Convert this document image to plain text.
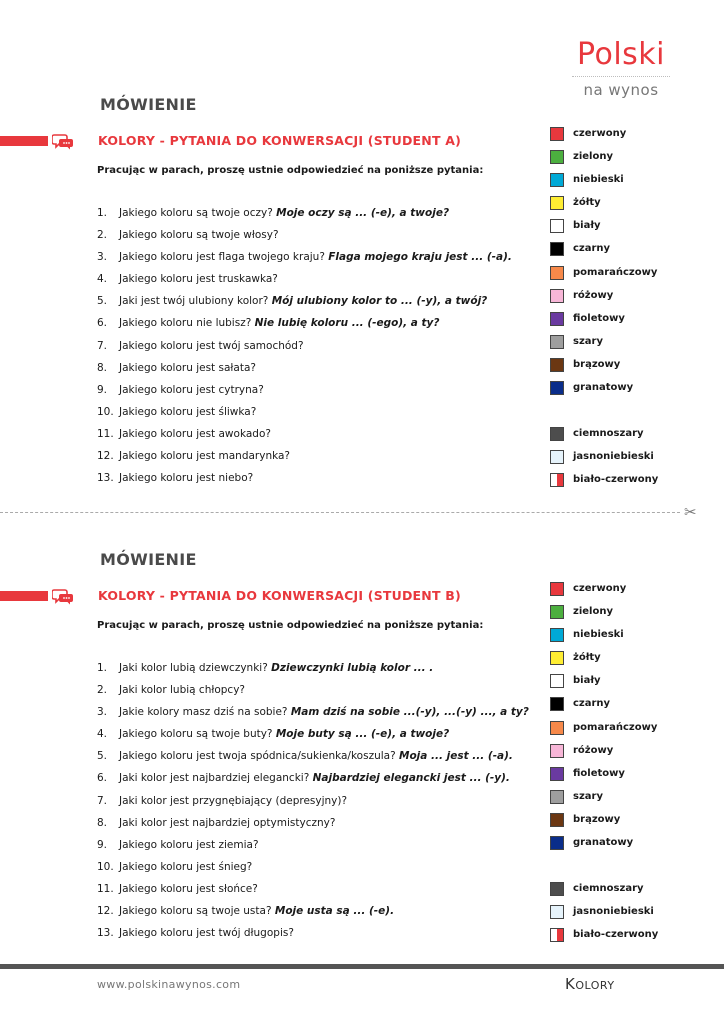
Polski
na wynos
MÓWIENIE
KOLORY - PYTANIA DO KONWERSACJI (STUDENT A)
Pracując w parach, proszę ustnie odpowiedzieć na poniższe pytania:
1.	Jakiego koloru są twoje oczy? Moje oczy są ... (-e), a twoje?
2.	Jakiego koloru są twoje włosy?
3.	Jakiego koloru jest flaga twojego kraju? Flaga mojego kraju jest ... (-a).
4.	Jakiego koloru jest truskawka?
5.	Jaki jest twój ulubiony kolor? Mój ulubiony kolor to ... (-y), a twój?
6.	Jakiego koloru nie lubisz? Nie lubię koloru ... (-ego), a ty?
7.	Jakiego koloru jest twój samochód?
8.	Jakiego koloru jest sałata?
9.	Jakiego koloru jest cytryna?
10. Jakiego koloru jest śliwka?
11. Jakiego koloru jest awokado?
12. Jakiego koloru jest mandarynka?
13. Jakiego koloru jest niebo?
czerwony
zielony
niebieski
żółty
biały
czarny
pomarańczowy
różowy
fioletowy
szary
brązowy
granatowy
ciemnoszary
jasnoniebieski
biało-czerwony
✂
MÓWIENIE
KOLORY - PYTANIA DO KONWERSACJI (STUDENT B)
Pracując w parach, proszę ustnie odpowiedzieć na poniższe pytania:
1.	Jaki kolor lubią dziewczynki? Dziewczynki lubią kolor ... .
2.	Jaki kolor lubią chłopcy?
3.	Jakie kolory masz dziś na sobie? Mam dziś na sobie ...(-y), ...(-y) ..., a ty?
4.	Jakiego koloru są twoje buty? Moje buty są ... (-e), a twoje?
5.	Jakiego koloru jest twoja spódnica/sukienka/koszula? Moja ... jest ... (-a).
6.	Jaki kolor jest najbardziej elegancki? Najbardziej elegancki jest ... (-y).
7.	Jaki kolor jest przygnębiający (depresyjny)?
8.	Jaki kolor jest najbardziej optymistyczny?
9.	Jakiego koloru jest ziemia?
10. Jakiego koloru jest śnieg?
11. Jakiego koloru jest słońce?
12. Jakiego koloru są twoje usta? Moje usta są ... (-e).
13. Jakiego koloru jest twój długopis?
czerwony
zielony
niebieski
żółty
biały
czarny
pomarańczowy
różowy
fioletowy
szary
brązowy
granatowy
ciemnoszary
jasnoniebieski
biało-czerwony
www.polskinawynos.com	Kolory
